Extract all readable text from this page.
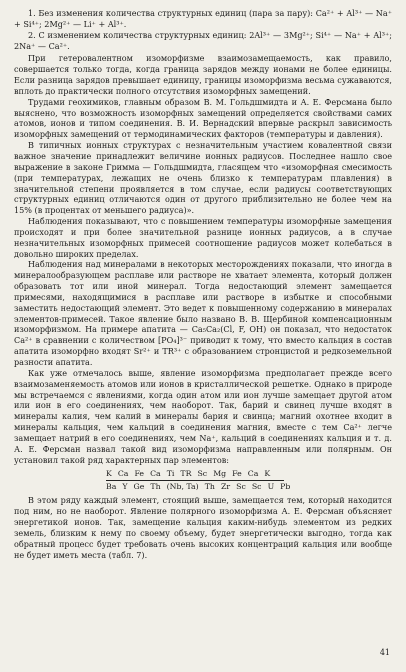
1. Без изменения количества структурных единиц (пара за пару): Ca²⁺ + Al³⁺ — Na⁺ + Si⁴⁺; 2Mg²⁺ — Li⁺ + Al³⁺.

2. С изменением количества структурных единиц: 2Al³⁺ — 3Mg²⁺; Si⁴⁺ — Na⁺ + Al³⁺; 2Na⁺ — Ca²⁺.

При гетеровалентном изоморфизме взаимозамещаемость, как правило, совершается только тогда, когда граница зарядов между ионами не более единицы. Если разница зарядов превышает единицу, границы изоморфизма весьма сужаваются, вплоть до практически полного отсутствия изоморфных замещений.

Трудами геохимиков, главным образом В. М. Гольдшмидта и А. Е. Ферсмана было выяснено, что возможность изоморфных замещений определяется свойствами самих атомов, ионов и типом соединения. В. И. Вернадский впервые раскрыл зависимость изоморфных замещений от термодинамических факторов (температуры и давления).

В типичных ионных структурах с незначительным участием ковалентной связи важное значение принадлежит величине ионных радиусов. Последнее нашло свое выражение в законе Гримма — Гольдшмидта, гласящем что «изоморфная смесимость (при температурах, лежащих не очень близко к температурам плавления) в значительной степени проявляется в том случае, если радиусы соответствующих структурных единиц отличаются один от другого приблизительно не более чем на 15% (в процентах от меньшего радиуса)».

Наблюдения показывают, что с повышением температуры изоморфные замещения происходят и при более значительной разнице ионных радиусов, а в случае незначительных изоморфных примесей соотношение радиусов может колебаться в довольно широких пределах.

Наблюдения над минералами в некоторых месторождениях показали, что иногда в минералообразующем расплаве или растворе не хватает элемента, который должен образовать тот или иной минерал. Тогда недостающий элемент замещается примесями, находящимися в расплаве или растворе в избытке и способными заместить недостающий элемент. Это ведет к повышенному содержанию в минералах элементов-примесей. Такое явление было названо В. В. Щербиной компенсационным изоморфизмом. На примере апатита — Ca₅Ca₂(Cl, F, OH) он показал, что недостаток Ca²⁺ в сравнении с количеством [PO₄]³⁻ приводит к тому, что вместо кальция в состав апатита изоморфно входят Sr²⁺ и TR³⁺ с образованием стронцистой и редкоземельной разности апатита.

Как уже отмечалось выше, явление изоморфизма предполагает прежде всего взаимозаменяемость атомов или ионов в кристаллической решетке. Однако в природе мы встречаемся с явлениями, когда один атом или ион лучше замещает другой атом или ион в его соединениях, чем наоборот. Так, барий и свинец лучше входят в минералы калия, чем калий в минералы бария и свинца; магний охотнее входит в минералы кальция, чем кальций в соединения магния, вместе с тем Ca²⁺ легче замещает натрий в его соединениях, чем Na⁺, кальций в соединениях кальция и т. д. А. Е. Ферсман назвал такой вид изоморфизма направленным или полярным. Он установил такой ряд характерных пар элементов:

K Ca Fe Ca Ti TR Sc Mg Fe Ca K
Ba Y Ge Th (Nb, Ta) Th Zr Sc Sc U Pb

В этом ряду каждый элемент, стоящий выше, замещается тем, который находится под ним, но не наоборот. Явление полярного изоморфизма А. Е. Ферсман объясняет энергетикой ионов. Так, замещение кальция каким-нибудь элементом из редких земель, близким к нему по своему объему, будет энергетически выгодно, тогда как обратный процесс будет требовать очень высоких концентраций кальция или вообще не будет иметь места (табл. 7).

41
